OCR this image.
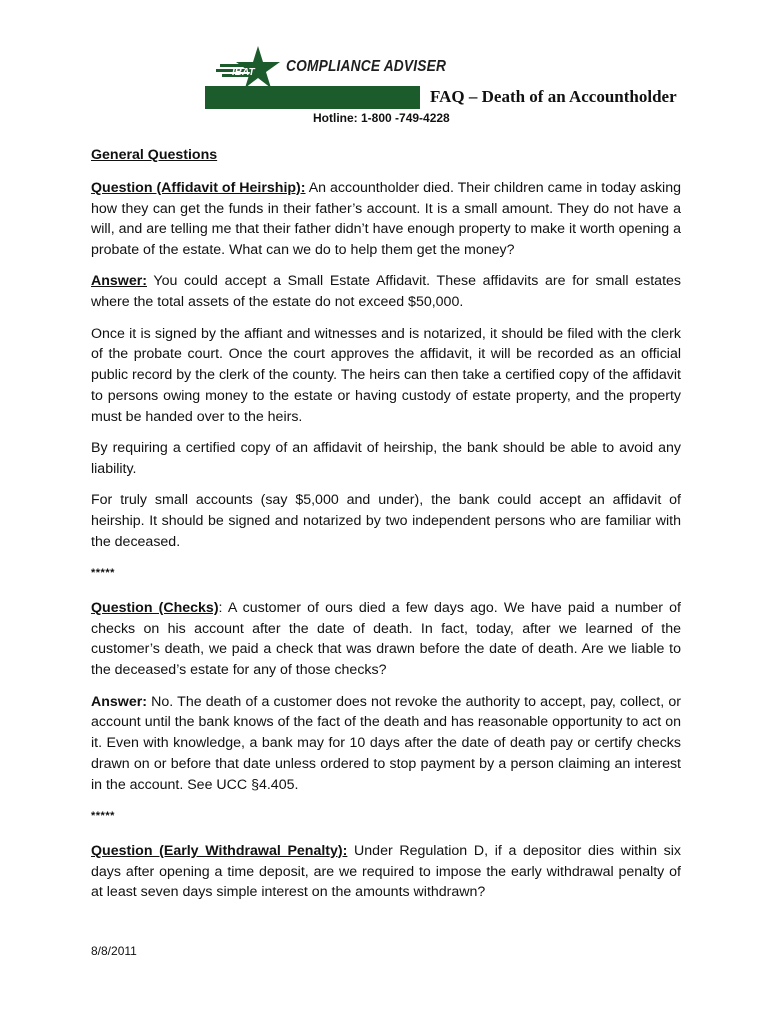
IBAT COMPLIANCE ADVISER
FAQ – Death of an Accountholder
Hotline: 1-800 -749-4228

General Questions

Question (Affidavit of Heirship): An accountholder died. Their children came in today asking how they can get the funds in their father’s account. It is a small amount. They do not have a will, and are telling me that their father didn’t have enough property to make it worth opening a probate of the estate. What can we do to help them get the money?

Answer: You could accept a Small Estate Affidavit. These affidavits are for small estates where the total assets of the estate do not exceed $50,000.

Once it is signed by the affiant and witnesses and is notarized, it should be filed with the clerk of the probate court. Once the court approves the affidavit, it will be recorded as an official public record by the clerk of the county. The heirs can then take a certified copy of the affidavit to persons owing money to the estate or having custody of estate property, and the property must be handed over to the heirs.

By requiring a certified copy of an affidavit of heirship, the bank should be able to avoid any liability.

For truly small accounts (say $5,000 and under), the bank could accept an affidavit of heirship. It should be signed and notarized by two independent persons who are familiar with the deceased.

*****

Question (Checks): A customer of ours died a few days ago. We have paid a number of checks on his account after the date of death. In fact, today, after we learned of the customer’s death, we paid a check that was drawn before the date of death. Are we liable to the deceased’s estate for any of those checks?

Answer: No. The death of a customer does not revoke the authority to accept, pay, collect, or account until the bank knows of the fact of the death and has reasonable opportunity to act on it. Even with knowledge, a bank may for 10 days after the date of death pay or certify checks drawn on or before that date unless ordered to stop payment by a person claiming an interest in the account. See UCC §4.405.

*****

Question (Early Withdrawal Penalty): Under Regulation D, if a depositor dies within six days after opening a time deposit, are we required to impose the early withdrawal penalty of at least seven days simple interest on the amounts withdrawn?

8/8/2011
